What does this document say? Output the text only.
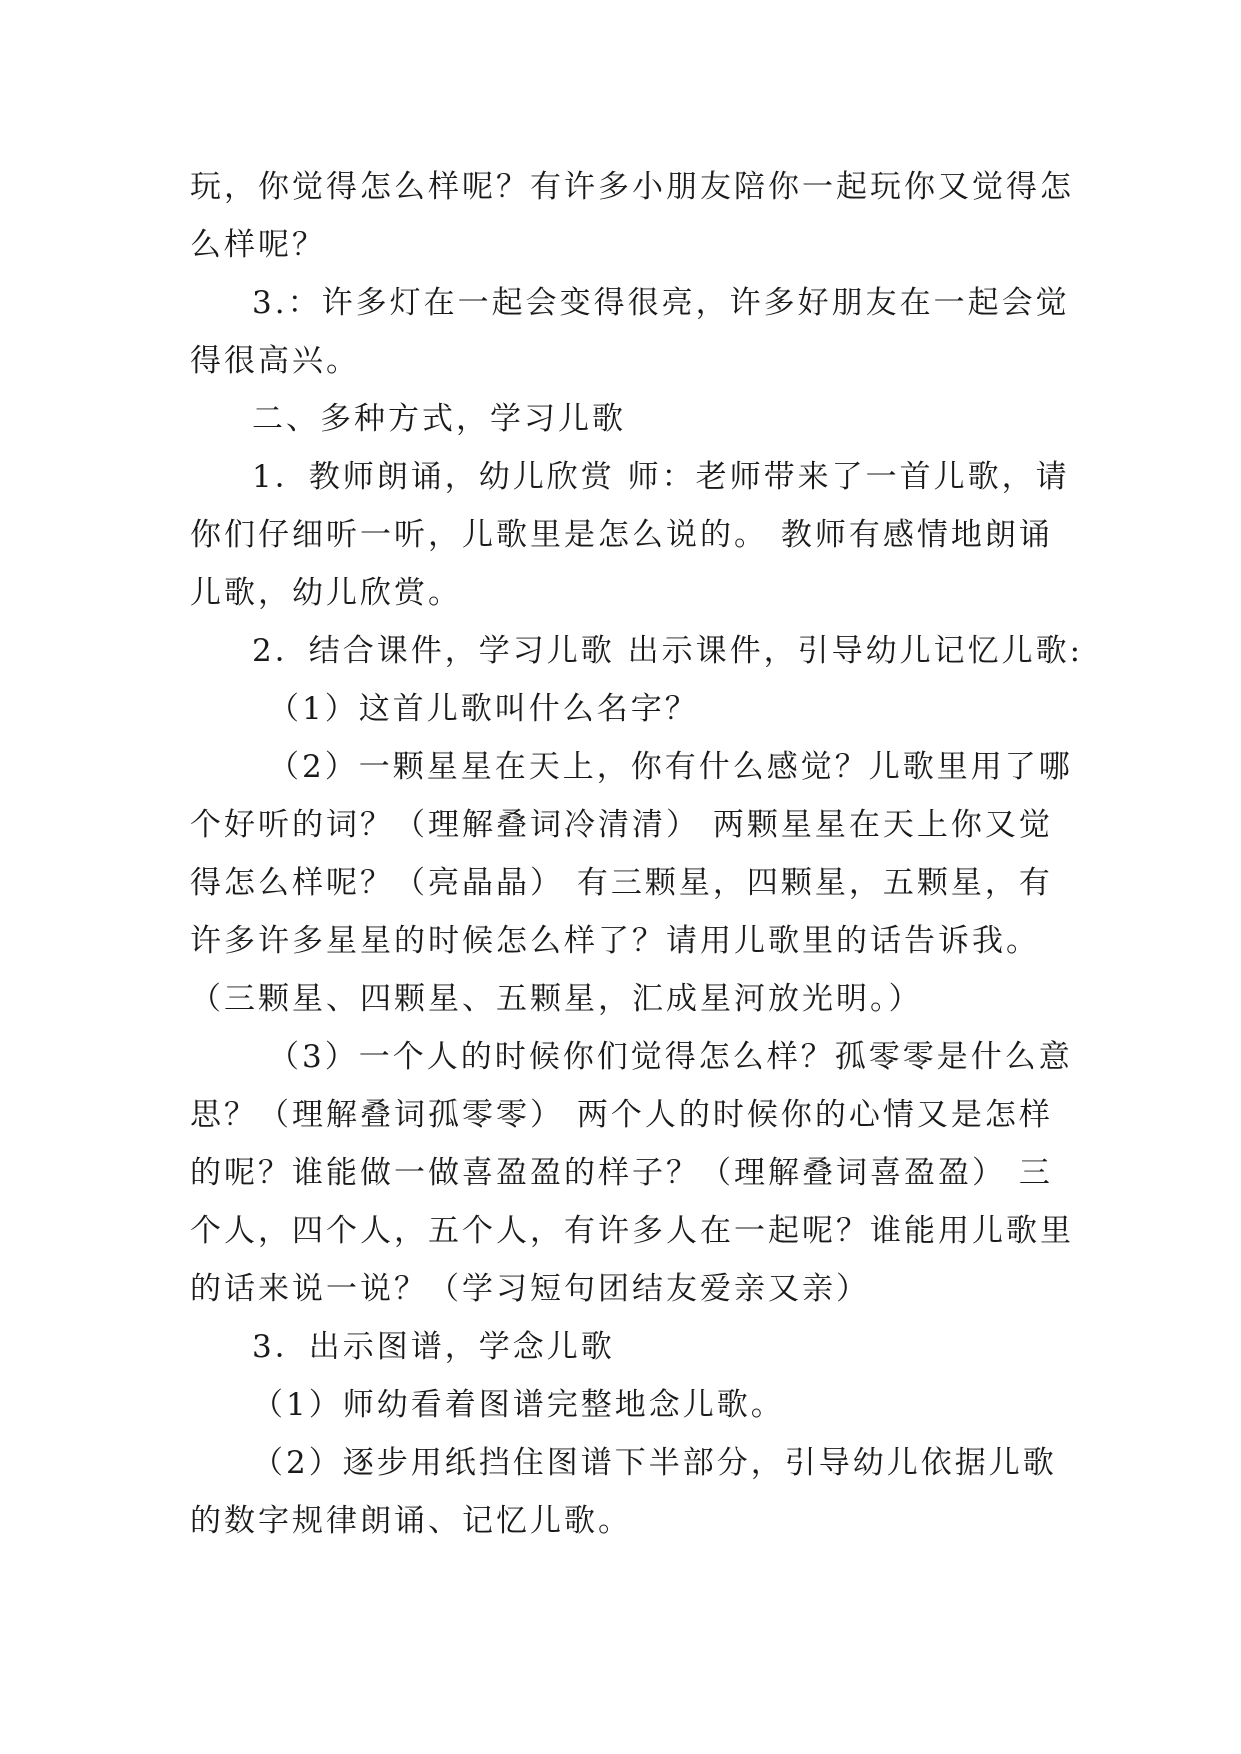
玩，你觉得怎么样呢？有许多小朋友陪你一起玩你又觉得怎
么样呢？
3.：许多灯在一起会变得很亮，许多好朋友在一起会觉
得很高兴。
二、多种方式，学习儿歌
1．教师朗诵，幼儿欣赏 师：老师带来了一首儿歌，请
你们仔细听一听，儿歌里是怎么说的。 教师有感情地朗诵
儿歌，幼儿欣赏。
2．结合课件，学习儿歌 出示课件，引导幼儿记忆儿歌:
（1）这首儿歌叫什么名字？
（2）一颗星星在天上，你有什么感觉？儿歌里用了哪
个好听的词？（理解叠词冷清清） 两颗星星在天上你又觉
得怎么样呢？（亮晶晶） 有三颗星，四颗星，五颗星，有
许多许多星星的时候怎么样了？请用儿歌里的话告诉我。
（三颗星、四颗星、五颗星，汇成星河放光明。）
（3）一个人的时候你们觉得怎么样？孤零零是什么意
思？（理解叠词孤零零） 两个人的时候你的心情又是怎样
的呢？谁能做一做喜盈盈的样子？（理解叠词喜盈盈） 三
个人，四个人，五个人，有许多人在一起呢？谁能用儿歌里
的话来说一说？（学习短句团结友爱亲又亲）
3．出示图谱，学念儿歌
（1）师幼看着图谱完整地念儿歌。
（2）逐步用纸挡住图谱下半部分，引导幼儿依据儿歌
的数字规律朗诵、记忆儿歌。
